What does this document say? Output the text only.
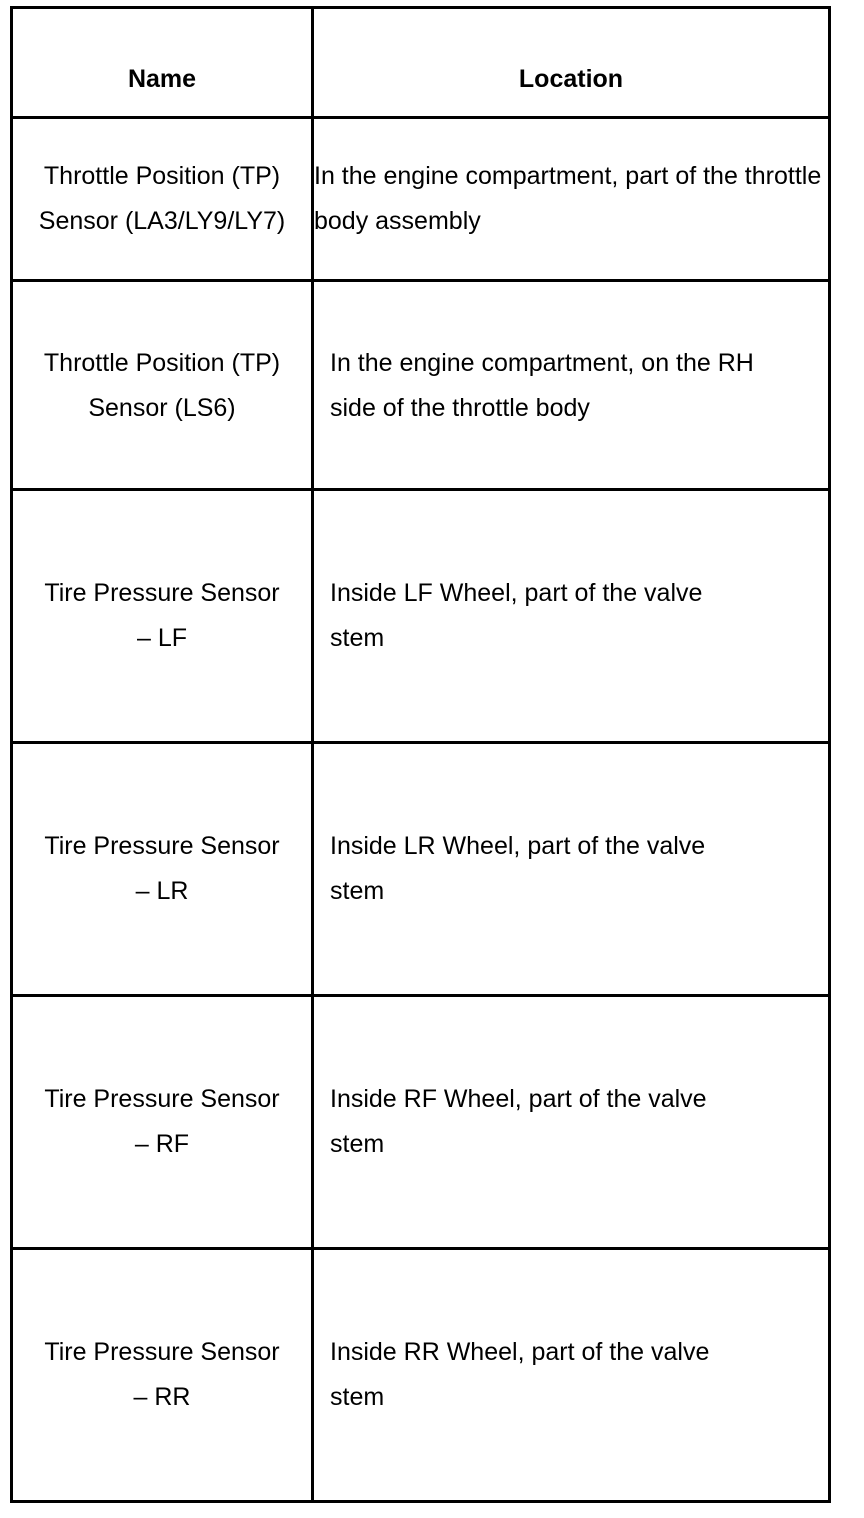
Name	Location
Throttle Position (TP) Sensor (LA3/LY9/LY7)	In the engine compartment, part of the throttle body assembly
Throttle Position (TP) Sensor (LS6)	In the engine compartment, on the RH side of the throttle body
Tire Pressure Sensor – LF	Inside LF Wheel, part of the valve stem
Tire Pressure Sensor – LR	Inside LR Wheel, part of the valve stem
Tire Pressure Sensor – RF	Inside RF Wheel, part of the valve stem
Tire Pressure Sensor – RR	Inside RR Wheel, part of the valve stem
